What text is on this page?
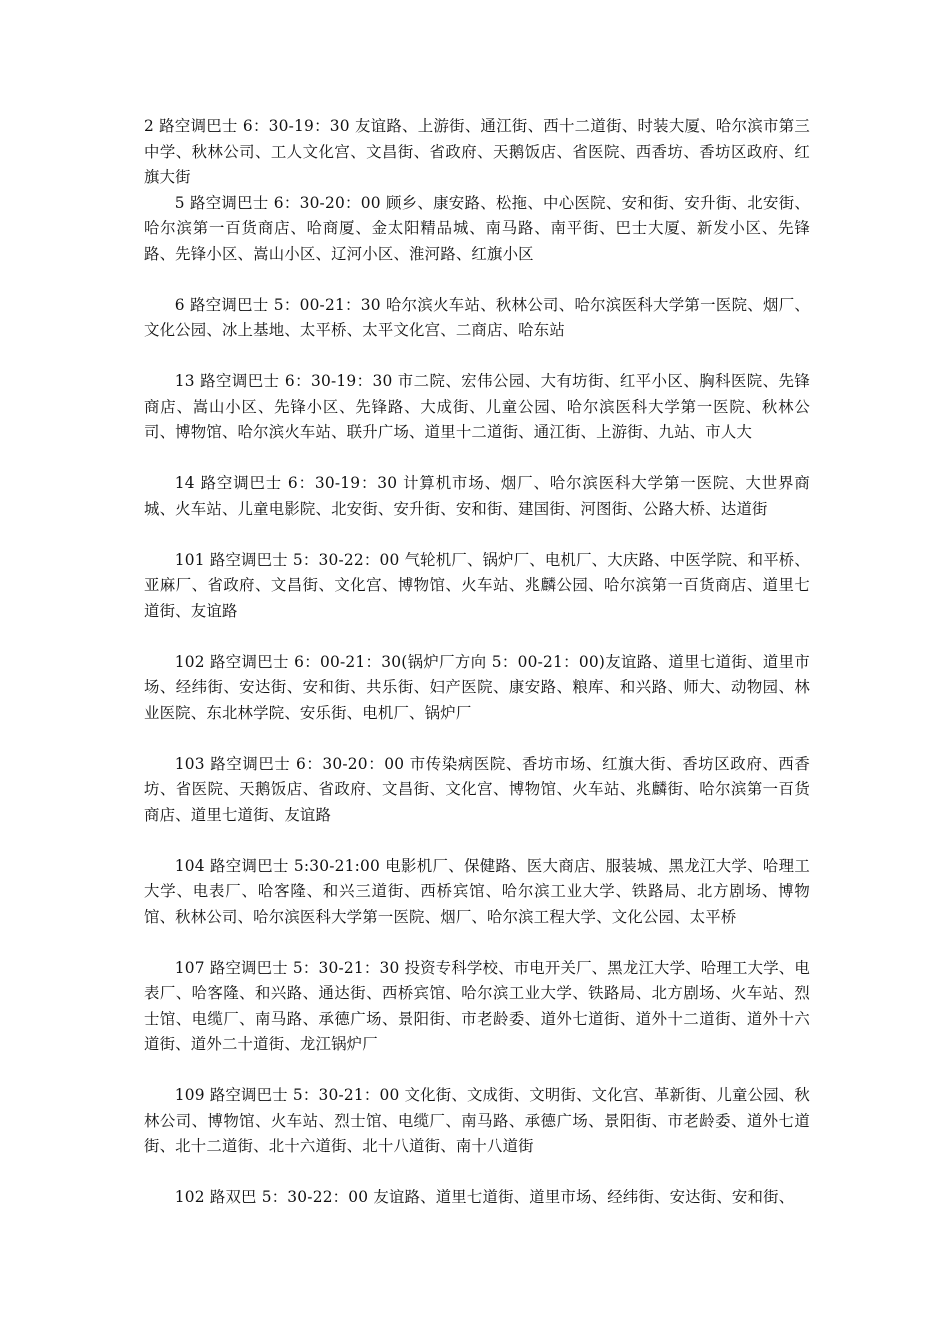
2 路空调巴士 6：30-19：30 友谊路、上游街、通江街、西十二道街、时装大厦、哈尔滨市第三中学、秋林公司、工人文化宫、文昌街、省政府、天鹅饭店、省医院、西香坊、香坊区政府、红旗大街

5 路空调巴士 6：30-20：00 顾乡、康安路、松拖、中心医院、安和街、安升街、北安街、哈尔滨第一百货商店、哈商厦、金太阳精品城、南马路、南平街、巴士大厦、新发小区、先锋路、先锋小区、嵩山小区、辽河小区、淮河路、红旗小区

6 路空调巴士 5：00-21：30 哈尔滨火车站、秋林公司、哈尔滨医科大学第一医院、烟厂、文化公园、冰上基地、太平桥、太平文化宫、二商店、哈东站

13 路空调巴士 6：30-19：30 市二院、宏伟公园、大有坊街、红平小区、胸科医院、先锋商店、嵩山小区、先锋小区、先锋路、大成街、儿童公园、哈尔滨医科大学第一医院、秋林公司、博物馆、哈尔滨火车站、联升广场、道里十二道街、通江街、上游街、九站、市人大

14 路空调巴士 6：30-19：30 计算机市场、烟厂、哈尔滨医科大学第一医院、大世界商城、火车站、儿童电影院、北安街、安升街、安和街、建国街、河图街、公路大桥、达道街

101 路空调巴士 5：30-22：00 气轮机厂、锅炉厂、电机厂、大庆路、中医学院、和平桥、亚麻厂、省政府、文昌街、文化宫、博物馆、火车站、兆麟公园、哈尔滨第一百货商店、道里七道街、友谊路

102 路空调巴士 6：00-21：30(锅炉厂方向 5：00-21：00)友谊路、道里七道街、道里市场、经纬街、安达街、安和街、共乐街、妇产医院、康安路、粮库、和兴路、师大、动物园、林业医院、东北林学院、安乐街、电机厂、锅炉厂

103 路空调巴士 6：30-20：00 市传染病医院、香坊市场、红旗大街、香坊区政府、西香坊、省医院、天鹅饭店、省政府、文昌街、文化宫、博物馆、火车站、兆麟街、哈尔滨第一百货商店、道里七道街、友谊路

104 路空调巴士 5:30-21:00 电影机厂、保健路、医大商店、服装城、黑龙江大学、哈理工大学、电表厂、哈客隆、和兴三道街、西桥宾馆、哈尔滨工业大学、铁路局、北方剧场、博物馆、秋林公司、哈尔滨医科大学第一医院、烟厂、哈尔滨工程大学、文化公园、太平桥

107 路空调巴士 5：30-21：30 投资专科学校、市电开关厂、黑龙江大学、哈理工大学、电表厂、哈客隆、和兴路、通达街、西桥宾馆、哈尔滨工业大学、铁路局、北方剧场、火车站、烈士馆、电缆厂、南马路、承德广场、景阳街、市老龄委、道外七道街、道外十二道街、道外十六道街、道外二十道街、龙江锅炉厂

109 路空调巴士 5：30-21：00 文化街、文成街、文明街、文化宫、革新街、儿童公园、秋林公司、博物馆、火车站、烈士馆、电缆厂、南马路、承德广场、景阳街、市老龄委、道外七道街、北十二道街、北十六道街、北十八道街、南十八道街

102 路双巴 5：30-22：00 友谊路、道里七道街、道里市场、经纬街、安达街、安和街、
